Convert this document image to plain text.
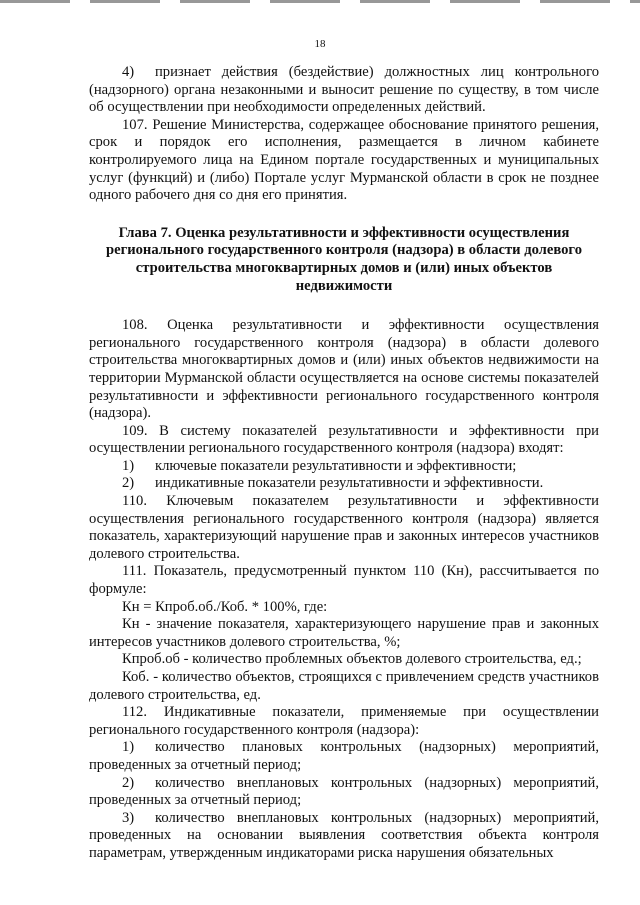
18

4) признает действия (бездействие) должностных лиц контрольного (надзорного) органа незаконными и выносит решение по существу, в том числе об осуществлении при необходимости определенных действий.

107. Решение Министерства, содержащее обоснование принятого решения, срок и порядок его исполнения, размещается в личном кабинете контролируемого лица на Едином портале государственных и муниципальных услуг (функций) и (либо) Портале услуг Мурманской области в срок не позднее одного рабочего дня со дня его принятия.

Глава 7. Оценка результативности и эффективности осуществления регионального государственного контроля (надзора) в области долевого строительства многоквартирных домов и (или) иных объектов недвижимости

108. Оценка результативности и эффективности осуществления регионального государственного контроля (надзора) в области долевого строительства многоквартирных домов и (или) иных объектов недвижимости на территории Мурманской области осуществляется на основе системы показателей результативности и эффективности регионального государственного контроля (надзора).

109. В систему показателей результативности и эффективности при осуществлении регионального государственного контроля (надзора) входят:

1) ключевые показатели результативности и эффективности;

2) индикативные показатели результативности и эффективности.

110. Ключевым показателем результативности и эффективности осуществления регионального государственного контроля (надзора) является показатель, характеризующий нарушение прав и законных интересов участников долевого строительства.

111. Показатель, предусмотренный пунктом 110 (Кн), рассчитывается по формуле:

Кн = Кпроб.об./Коб. * 100%, где:

Кн - значение показателя, характеризующего нарушение прав и законных интересов участников долевого строительства, %;

Кпроб.об - количество проблемных объектов долевого строительства, ед.;

Коб. - количество объектов, строящихся с привлечением средств участников долевого строительства, ед.

112. Индикативные показатели, применяемые при осуществлении регионального государственного контроля (надзора):

1) количество плановых контрольных (надзорных) мероприятий, проведенных за отчетный период;

2) количество внеплановых контрольных (надзорных) мероприятий, проведенных за отчетный период;

3) количество внеплановых контрольных (надзорных) мероприятий, проведенных на основании выявления соответствия объекта контроля параметрам, утвержденным индикаторами риска нарушения обязательных
